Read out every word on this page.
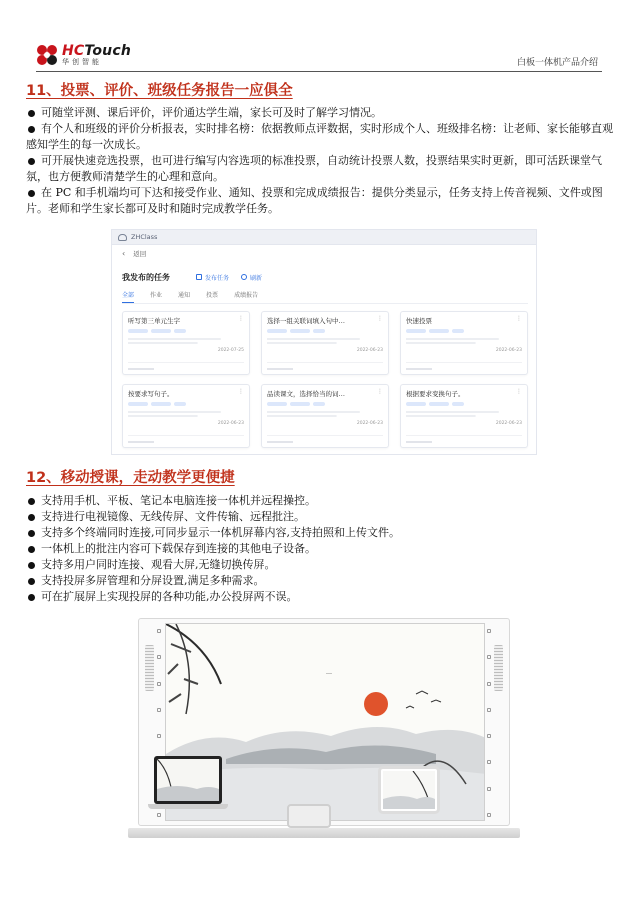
HCTouch
华创智能	白板一体机产品介绍
11、投票、评价、班级任务报告一应俱全
可随堂评测、课后评价，评价通达学生端，家长可及时了解学习情况。
有个人和班级的评价分析报表，实时排名榜：依据教师点评数据，实时形成个人、班级排名榜：让老师、家长能够直观感知学生的每一次成长。
可开展快速竞选投票，也可进行编写内容选项的标准投票，自动统计投票人数，投票结果实时更新，即可活跃课堂气氛，也方便教师清楚学生的心理和意向。
在 PC 和手机端均可下达和接受作业、通知、投票和完成成绩报告：提供分类显示，任务支持上传音视频、文件或图片。老师和学生家长都可及时和随时完成教学任务。
ZHClass
‹ 返回
我发布的任务	发布任务	刷新
全部	作业	通知	投票	成绩报告
听写第三单元生字	⋮
2022-07-25
选择一组关联词填入句中…	⋮
2022-06-23
快速投票	⋮
2022-06-23
按要求写句子。	⋮
2022-06-23
品读课文，选择恰当的词…	⋮
2022-06-23
根据要求变换句子。	⋮
2022-06-23
12、移动授课，走动教学更便捷
支持用手机、平板、笔记本电脑连接一体机并远程操控。
支持进行电视镜像、无线传屏、文件传输、远程批注。
支持多个终端同时连接,可同步显示一体机屏幕内容,支持拍照和上传文件。
一体机上的批注内容可下载保存到连接的其他电子设备。
支持多用户同时连接、观看大屏,无缝切换传屏。
支持投屏多屏管理和分屏设置,满足多种需求。
可在扩展屏上实现投屏的各种功能,办公投屏两不误。
…
